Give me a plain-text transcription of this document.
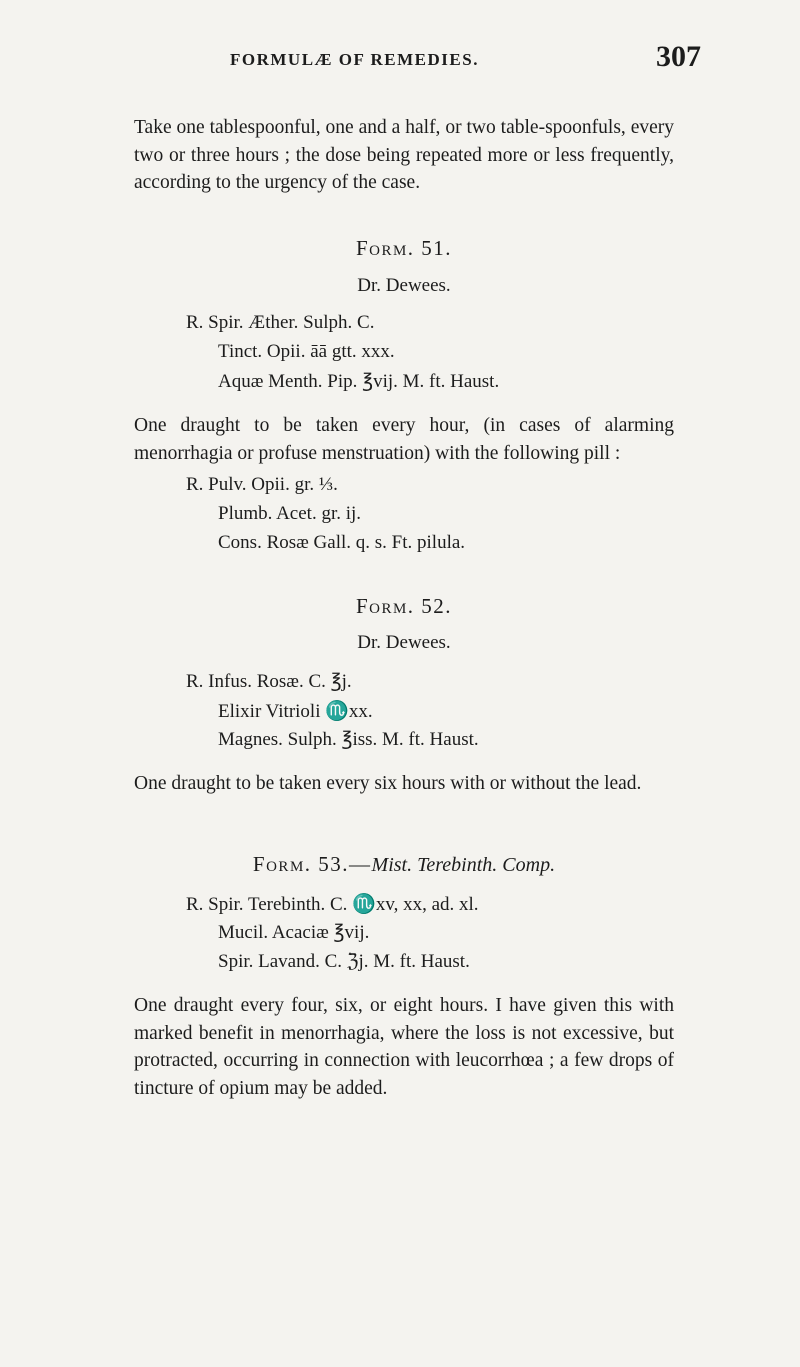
FORMULÆ OF REMEDIES.	307

Take one tablespoonful, one and a half, or two table-spoonfuls, every two or three hours ; the dose being repeated more or less frequently, according to the urgency of the case.

Form. 51.
Dr. Dewees.
R. Spir. Æther. Sulph. C.
Tinct. Opii. āā gtt. xxx.
Aquæ Menth. Pip. ℥vij. M. ft. Haust.

One draught to be taken every hour, (in cases of alarming menorrhagia or profuse menstruation) with the following pill :

R. Pulv. Opii. gr. ⅓.
Plumb. Acet. gr. ij.
Cons. Rosæ Gall. q. s. Ft. pilula.
Form. 52.
Dr. Dewees.
R. Infus. Rosæ. C. ℥j.
Elixir Vitrioli ♏xx.
Magnes. Sulph. ℥iss. M. ft. Haust.

One draught to be taken every six hours with or without the lead.

Form. 53.—Mist. Terebinth. Comp.
R. Spir. Terebinth. C. ♏xv, xx, ad. xl.
Mucil. Acaciæ ℥vij.
Spir. Lavand. C. ℨj. M. ft. Haust.

One draught every four, six, or eight hours. I have given this with marked benefit in menorrhagia, where the loss is not excessive, but protracted, occurring in connection with leucorrhœa ; a few drops of tincture of opium may be added.
